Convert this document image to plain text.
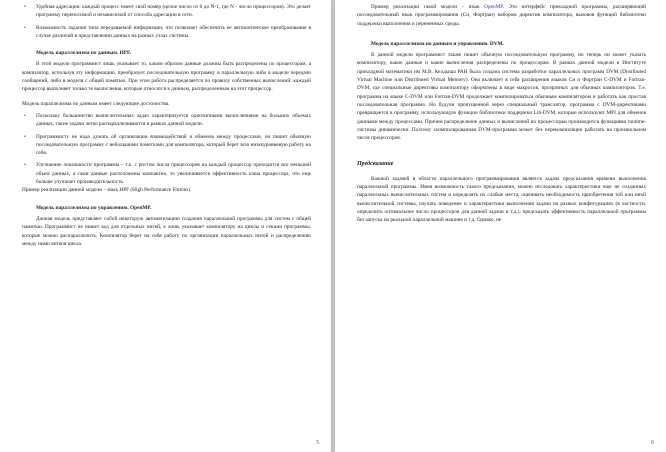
• Удобная адресация: каждый процесс имеет свой номер (целое число от 0 до N-1, где N - число процессоров). Это делает программу переносимой и независимой от способа адресации в сети.

• Возможность задания типа передаваемой информации, что позволяет обеспечить ее автоматическое преобразование в случае различий в представлении данных на разных узлах системы.

Модель параллелизма по данным. HPF.

В этой модели программист лишь указывает то, каким образом данные должны быть распределены по процессорам, а компилятор, используя эту информацию, преобразует последовательную программу в параллельную либо в модели передачи сообщений, либо в модели с общей памятью. При этом работа распределяется по правилу собственных вычислений: каждый процессор выполняет только те вычисления, которые относятся к данным, распределенным на этот процессор.

Модель параллелизма по данным имеет следующие достоинства.

• Поскольку большинство вычислительных задач характеризуется однотипными вычислениями на больших объемах данных, такие задачи легко распараллеливаются в рамках данной модели.

• Программисту не надо думать об организации взаимодействий и обменов между процессами, он пишет обычную последовательную программу с небольшими пометками для компилятора, который берет всю низкоуровневую работу на себя.

• Улучшение локальности программы – т.к. с ростом числа процессоров на каждый процессор приходится все меньший объем данных, а сами данные расположены компактно, то увеличивается эффективность кэша процессора, что еще больше улучшает производительность.

Пример реализации данной модели – язык HPF (High Performance Fortran).

Модель параллелизма по управлению. OpenMP.

Данная модель представляет собой некоторую автоматизацию создания параллельной программы для систем с общей памятью. Программист не пишет код для отдельных нитей, а лишь указывает компилятору на циклы и секции программы, которые можно распараллелить. Компилятор берет на себя работу по организации параллельных нитей и распределению между ними витков цикла.

5

Пример реализации такой модели – язык OpenMP. Это интерфейс прикладной программы, расширяющий последовательный язык программирования (Си, Фортран) набором директив компилятора, вызовов функций библиотеки поддержки выполнения и переменных среды.

Модель параллелизма по данным и управлению. DVM.

В данной модели программист также пишет обычную последовательную программу, но теперь он может указать компилятору, какие данные и какие вычисления распределены по процессорам. В рамках данной модели в Институте прикладной математики им М.В. Келдыша РАН была создана система разработки параллельных программ DVM (Distributed Virtual Machine или Distributed Virtual Memory). Она включает в себя расширения языков Си и Фортран C-DVM и Fortran-DVM, где специальные директивы компилятору оформлены в виде макросов, прозрачных для обычных компиляторов. Т.е. программа на языке C-DVM или Fortran-DVM продолжает компилироваться обычным компилятором и работать как простая последовательная программа. Но будучи пропущенной через специальный транслятор, программа с DVM-директивами превращается в программу, использующую функции библиотеки поддержки Lib-DVM, которые используют MPI для обменов данными между процессами. Причем распределение данных и вычислений по процессорам производится функциями runtime-системы динамически. Поэтому скомпилированная DVM-программа может без перекомпиляции работать на произвольном числе процессоров.

Предсказание

Важной задачей в области параллельного программирования является задача предсказания времени выполнения параллельной программы. Имея возможность такого предсказания, можно исследовать характеристики еще не созданных параллельных вычислительных систем и определять их слабые места, оценивать необходимость приобретения той или иной вычислительной системы, изучать поведение и характеристики выполнения задачи на разных конфигурациях (в частности, определить оптимальное число процессоров для данной задачи и т.д.), предсказать эффективность параллельной программы без запуска на реальной параллельной машине и т.д. Однако, не

6
